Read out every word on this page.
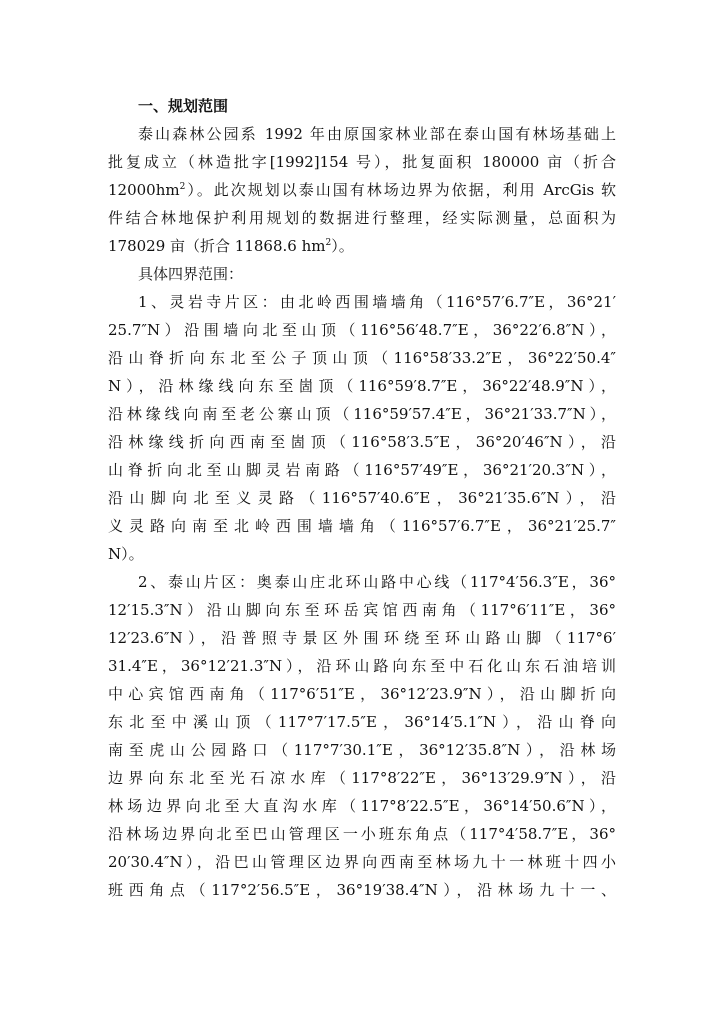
一、规划范围
泰山森林公园系 1992 年由原国家林业部在泰山国有林场基础上
批复成立（林造批字[1992]154 号），批复面积 180000 亩（折合
$12000hm^2$）。此次规划以泰山国有林场边界为依据，利用 ArcGis 软
件结合林地保护利用规划的数据进行整理，经实际测量，总面积为
178029 亩（折合 11868.6 $hm^2$）。
具体四界范围：
1、灵岩寺片区：由北岭西围墙墙角（116°57′6.7″E，36°21′
25.7″N）沿围墙向北至山顶（116°56′48.7″E，36°22′6.8″N），
沿山脊折向东北至公子顶山顶（116°58′33.2″E，36°22′50.4″
N），沿林缘线向东至崮顶（116°59′8.7″E，36°22′48.9″N），
沿林缘线向南至老公寨山顶（116°59′57.4″E，36°21′33.7″N），
沿林缘线折向西南至崮顶（116°58′3.5″E，36°20′46″N），沿
山脊折向北至山脚灵岩南路（116°57′49″E，36°21′20.3″N），
沿山脚向北至义灵路（116°57′40.6″E，36°21′35.6″N），沿
义灵路向南至北岭西围墙墙角（116°57′6.7″E，36°21′25.7″
N）。
2、泰山片区：奥泰山庄北环山路中心线（117°4′56.3″E，36°
12′15.3″N）沿山脚向东至环岳宾馆西南角（117°6′11″E，36°
12′23.6″N），沿普照寺景区外围环绕至环山路山脚（117°6′
31.4″E，36°12′21.3″N），沿环山路向东至中石化山东石油培训
中心宾馆西南角（117°6′51″E，36°12′23.9″N），沿山脚折向
东北至中溪山顶（117°7′17.5″E，36°14′5.1″N），沿山脊向
南至虎山公园路口（117°7′30.1″E，36°12′35.8″N），沿林场
边界向东北至光石凉水库（117°8′22″E，36°13′29.9″N），沿
林场边界向北至大直沟水库（117°8′22.5″E，36°14′50.6″N），
沿林场边界向北至巴山管理区一小班东角点（117°4′58.7″E，36°
20′30.4″N），沿巴山管理区边界向西南至林场九十一林班十四小
班西角点（117°2′56.5″E，36°19′38.4″N），沿林场九十一、
